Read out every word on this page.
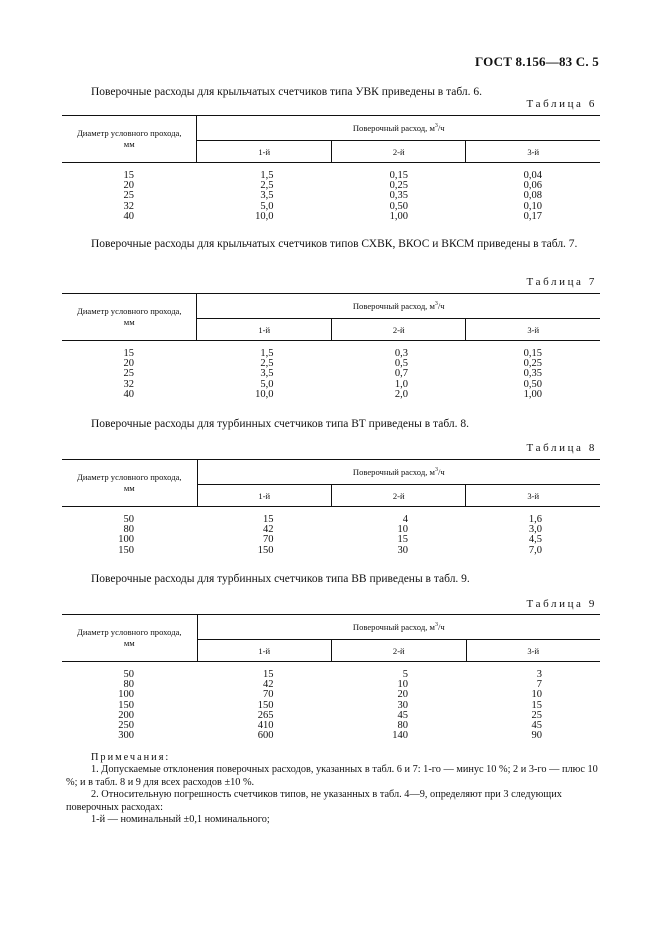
ГОСТ 8.156—83 С. 5
Поверочные расходы для крыльчатых счетчиков типа УВК приведены в табл. 6.
Таблица 6
Диаметр условного прохода,
мм	Поверочный расход, $м^3/ч$		
	1-й	2-й	3-й
15	1,5	0,15	0,04
20	2,5	0,25	0,06
25	3,5	0,35	0,08
32	5,0	0,50	0,10
40	10,0	1,00	0,17
Поверочные расходы для крыльчатых счетчиков типов СХВК, ВКОС и ВКСМ приведены в табл. 7.
Таблица 7
Диаметр условного прохода,
мм	Поверочный расход, $м^3/ч$		
	1-й	2-й	3-й
15	1,5	0,3	0,15
20	2,5	0,5	0,25
25	3,5	0,7	0,35
32	5,0	1,0	0,50
40	10,0	2,0	1,00
Поверочные расходы для турбинных счетчиков типа ВТ приведены в табл. 8.
Таблица 8
Диаметр условного прохода,
мм	Поверочный расход, $м^3/ч$		
	1-й	2-й	3-й
50	15	4	1,6
80	42	10	3,0
100	70	15	4,5
150	150	30	7,0
Поверочные расходы для турбинных счетчиков типа ВВ приведены в табл. 9.
Таблица 9
Диаметр условного прохода,
мм	Поверочный расход, $м^3/ч$		
	1-й	2-й	3-й
50	15	5	3
80	42	10	7
100	70	20	10
150	150	30	15
200	265	45	25
250	410	80	45
300	600	140	90

Примечания:

1. Допускаемые отклонения поверочных расходов, указанных в табл. 6 и 7: 1-го — минус 10 %; 2 и 3-го — плюс 10 %; и в табл. 8 и 9 для всех расходов ±10 %.

2. Относительную погрешность счетчиков типов, не указанных в табл. 4—9, определяют при 3 следующих поверочных расходах:

1-й — номинальный ±0,1 номинального;
